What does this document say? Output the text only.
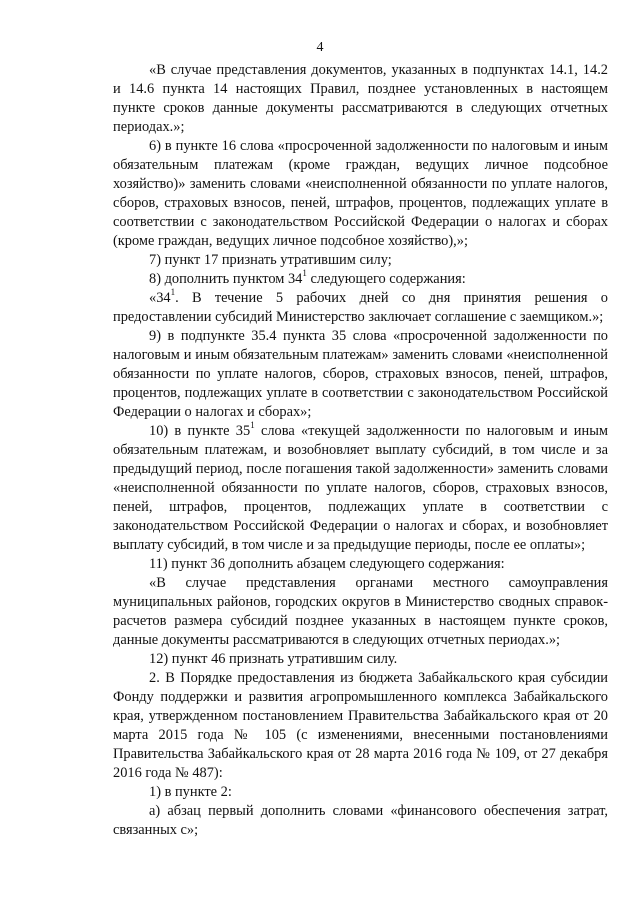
4

«В случае представления документов, указанных в подпунктах 14.1, 14.2 и 14.6 пункта 14 настоящих Правил, позднее установленных в настоящем пункте сроков данные документы рассматриваются в следующих отчетных периодах.»;

6) в пункте 16 слова «просроченной задолженности по налоговым и иным обязательным платежам (кроме граждан, ведущих личное подсобное хозяйство)» заменить словами «неисполненной обязанности по уплате налогов, сборов, страховых взносов, пеней, штрафов, процентов, подлежащих уплате в соответствии с законодательством Российской Федерации о налогах и сборах (кроме граждан, ведущих личное подсобное хозяйство),»;

7) пункт 17 признать утратившим силу;

8) дополнить пунктом $34^1$ следующего содержания:

«$34^1$. В течение 5 рабочих дней со дня принятия решения о предоставлении субсидий Министерство заключает соглашение с заемщиком.»;

9) в подпункте 35.4 пункта 35 слова «просроченной задолженности по налоговым и иным обязательным платежам» заменить словами «неисполненной обязанности по уплате налогов, сборов, страховых взносов, пеней, штрафов, процентов, подлежащих уплате в соответствии с законодательством Российской Федерации о налогах и сборах»;

10) в пункте $35^1$ слова «текущей задолженности по налоговым и иным обязательным платежам, и возобновляет выплату субсидий, в том числе и за предыдущий период, после погашения такой задолженности» заменить словами «неисполненной обязанности по уплате налогов, сборов, страховых взносов, пеней, штрафов, процентов, подлежащих уплате в соответствии с законодательством Российской Федерации о налогах и сборах, и возобновляет выплату субсидий, в том числе и за предыдущие периоды, после ее оплаты»;

11) пункт 36 дополнить абзацем следующего содержания:

«В случае представления органами местного самоуправления муниципальных районов, городских округов в Министерство сводных справок-расчетов размера субсидий позднее указанных в настоящем пункте сроков, данные документы рассматриваются в следующих отчетных периодах.»;

12) пункт 46 признать утратившим силу.

2. В Порядке предоставления из бюджета Забайкальского края субсидии Фонду поддержки и развития агропромышленного комплекса Забайкальского края, утвержденном постановлением Правительства Забайкальского края от 20 марта 2015 года № 105 (с изменениями, внесенными постановлениями Правительства Забайкальского края от 28 марта 2016 года № 109, от 27 декабря 2016 года № 487):

1) в пункте 2:

а) абзац первый дополнить словами «финансового обеспечения затрат, связанных с»;
